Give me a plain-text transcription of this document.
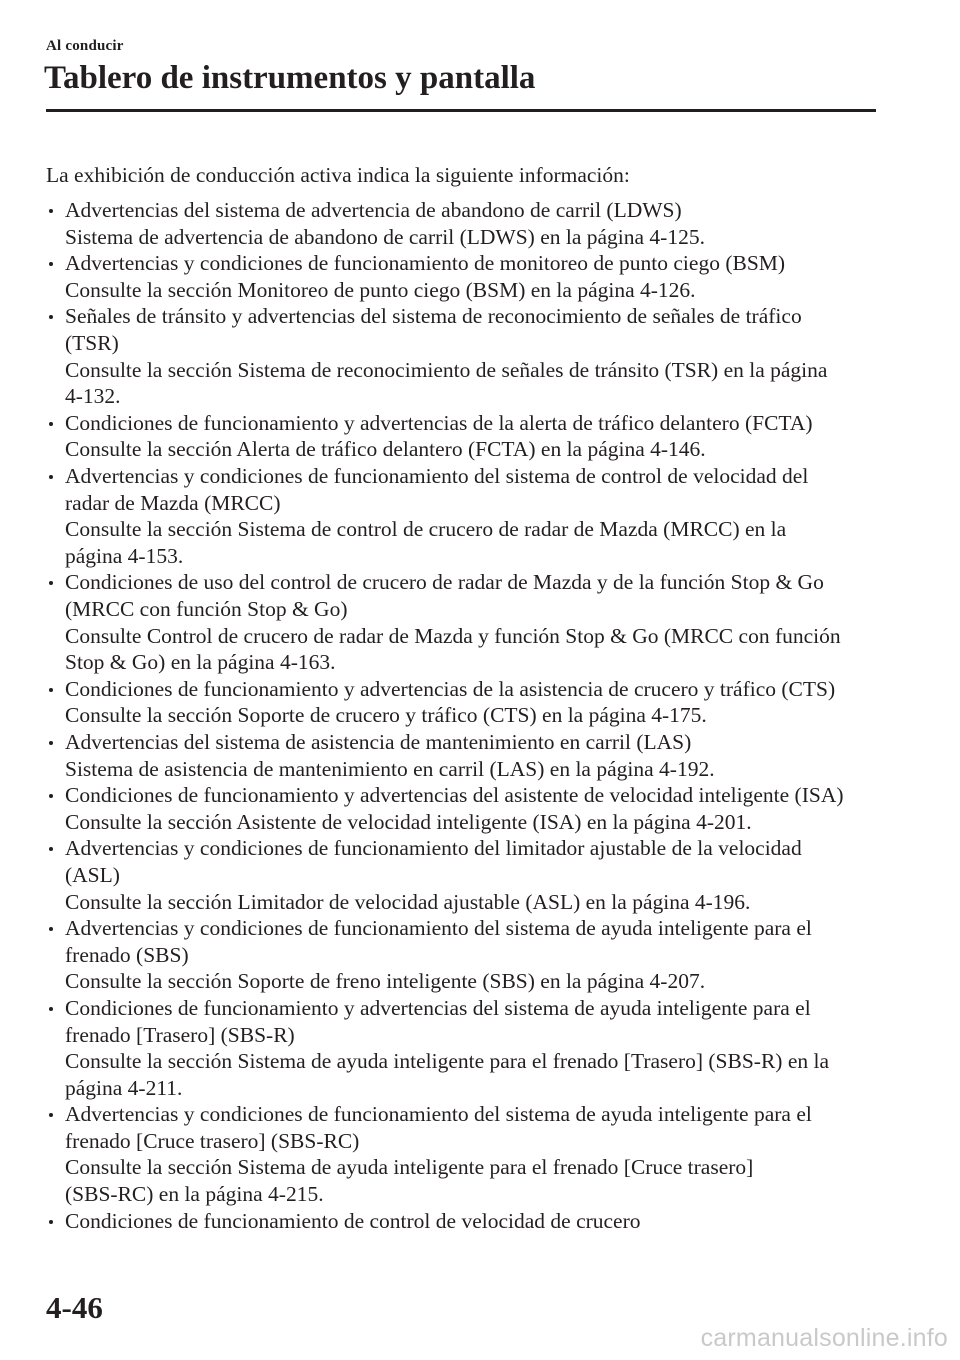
Al conducir
Tablero de instrumentos y pantalla

La exhibición de conducción activa indica la siguiente información:

Advertencias del sistema de advertencia de abandono de carril (LDWS)
Sistema de advertencia de abandono de carril (LDWS) en la página 4-125.
Advertencias y condiciones de funcionamiento de monitoreo de punto ciego (BSM)
Consulte la sección Monitoreo de punto ciego (BSM) en la página 4-126.
Señales de tránsito y advertencias del sistema de reconocimiento de señales de tráfico
(TSR)
Consulte la sección Sistema de reconocimiento de señales de tránsito (TSR) en la página
4-132.
Condiciones de funcionamiento y advertencias de la alerta de tráfico delantero (FCTA)
Consulte la sección Alerta de tráfico delantero (FCTA) en la página 4-146.
Advertencias y condiciones de funcionamiento del sistema de control de velocidad del
radar de Mazda (MRCC)
Consulte la sección Sistema de control de crucero de radar de Mazda (MRCC) en la
página 4-153.
Condiciones de uso del control de crucero de radar de Mazda y de la función Stop & Go
(MRCC con función Stop & Go)
Consulte Control de crucero de radar de Mazda y función Stop & Go (MRCC con función
Stop & Go) en la página 4-163.
Condiciones de funcionamiento y advertencias de la asistencia de crucero y tráfico (CTS)
Consulte la sección Soporte de crucero y tráfico (CTS) en la página 4-175.
Advertencias del sistema de asistencia de mantenimiento en carril (LAS)
Sistema de asistencia de mantenimiento en carril (LAS) en la página 4-192.
Condiciones de funcionamiento y advertencias del asistente de velocidad inteligente (ISA)
Consulte la sección Asistente de velocidad inteligente (ISA) en la página 4-201.
Advertencias y condiciones de funcionamiento del limitador ajustable de la velocidad
(ASL)
Consulte la sección Limitador de velocidad ajustable (ASL) en la página 4-196.
Advertencias y condiciones de funcionamiento del sistema de ayuda inteligente para el
frenado (SBS)
Consulte la sección Soporte de freno inteligente (SBS) en la página 4-207.
Condiciones de funcionamiento y advertencias del sistema de ayuda inteligente para el
frenado [Trasero] (SBS-R)
Consulte la sección Sistema de ayuda inteligente para el frenado [Trasero] (SBS-R) en la
página 4-211.
Advertencias y condiciones de funcionamiento del sistema de ayuda inteligente para el
frenado [Cruce trasero] (SBS-RC)
Consulte la sección Sistema de ayuda inteligente para el frenado [Cruce trasero]
(SBS-RC) en la página 4-215.
Condiciones de funcionamiento de control de velocidad de crucero
4-46
carmanualsonline.info
